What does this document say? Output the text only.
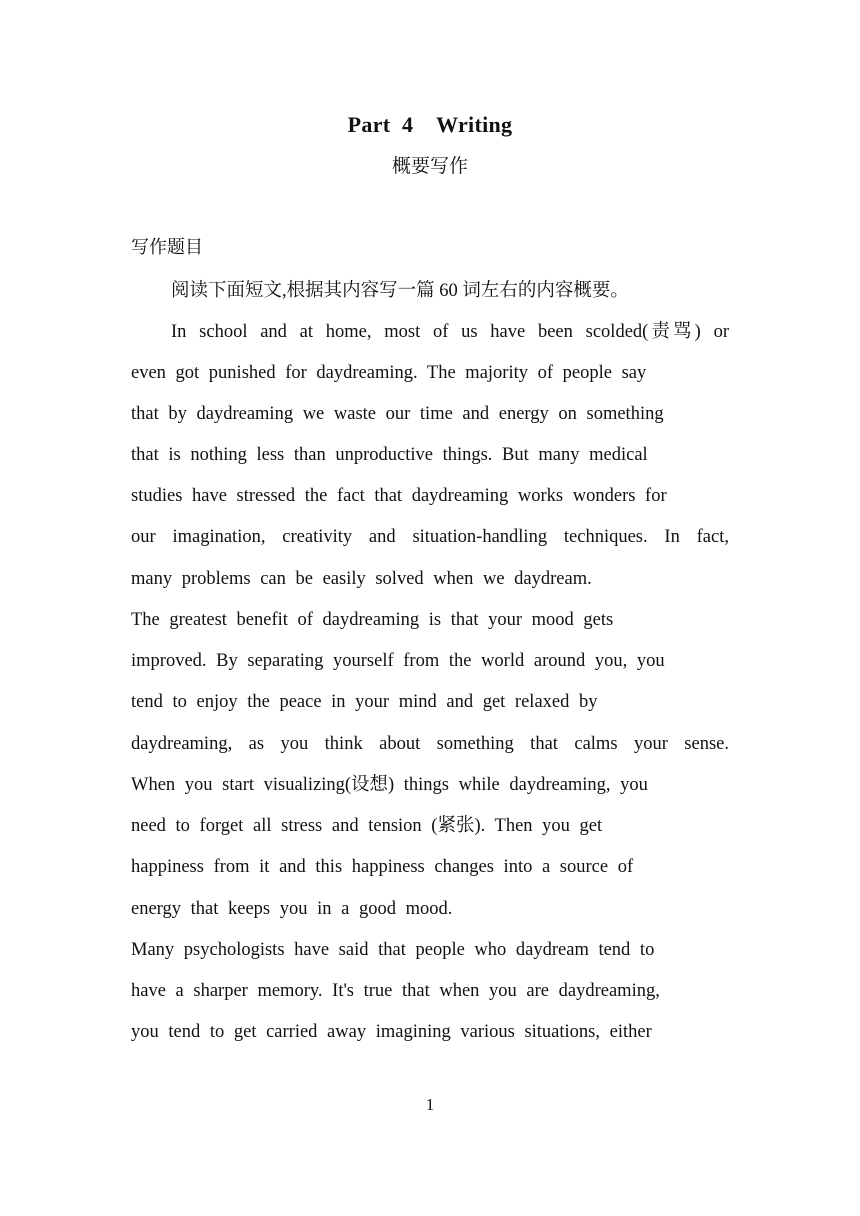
Part  4    Writing
概要写作
写作题目
阅读下面短文,根据其内容写一篇 60 词左右的内容概要。
In school and at home, most of us have been scolded(责骂) or
even got punished for daydreaming. The majority of people say
that by daydreaming we waste our time and energy on something
that is nothing less than unproductive things. But many medical
studies have stressed the fact that daydreaming works wonders for
our imagination, creativity and situation-handling techniques. In fact,
many problems can be easily solved when we daydream.
The greatest benefit of daydreaming is that your mood gets
improved. By separating yourself from the world around you, you
tend to enjoy the peace in your mind and get relaxed by
daydreaming, as you think about something that calms your sense.
When you start visualizing(设想) things while daydreaming, you
need to forget all stress and tension (紧张). Then you get
happiness from it and this happiness changes into a source of
energy that keeps you in a good mood.
Many psychologists have said that people who daydream tend to
have a sharper memory. It's true that when you are daydreaming,
you tend to get carried away imagining various situations, either
1
